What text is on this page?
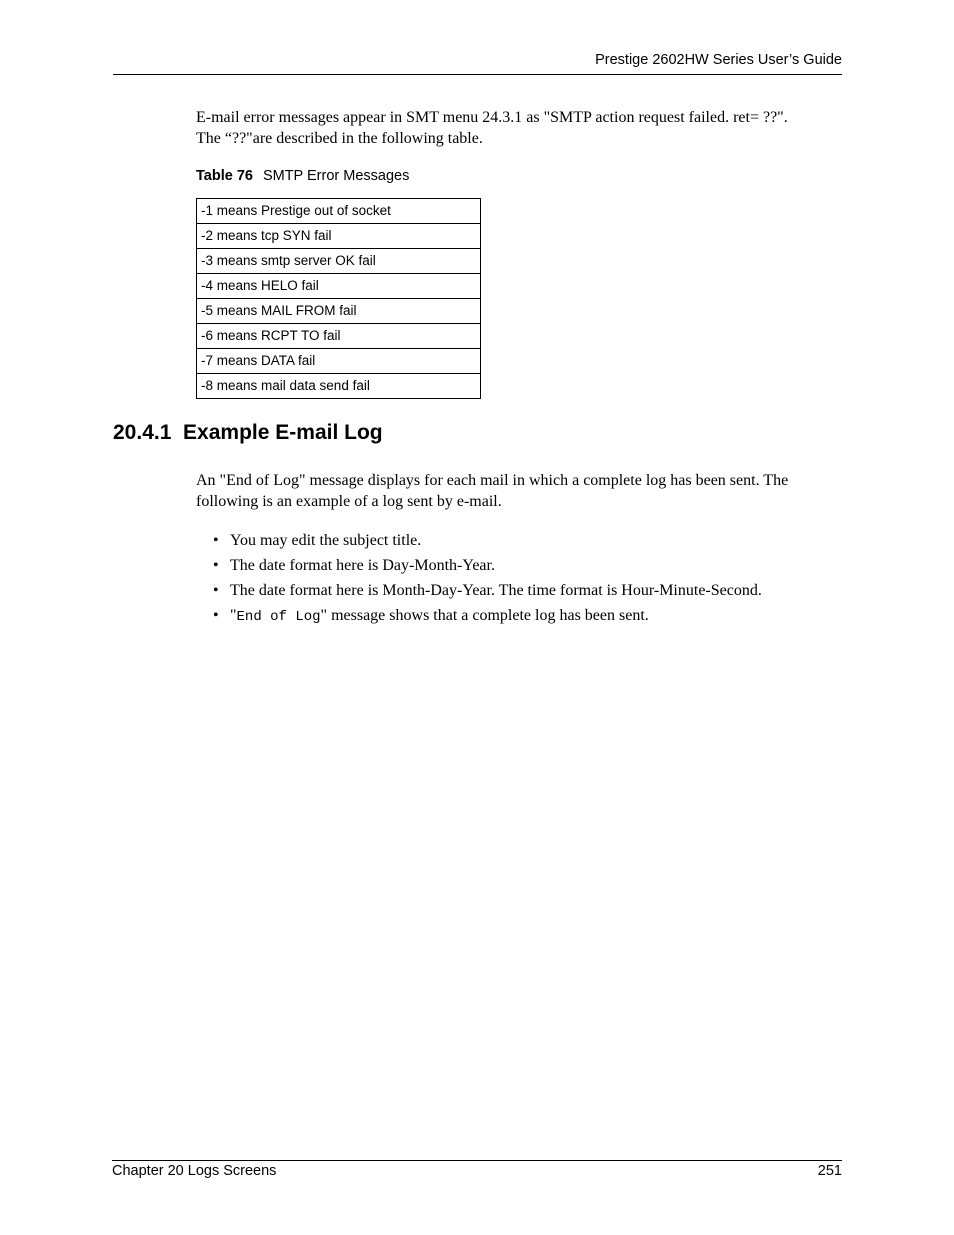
Prestige 2602HW Series User’s Guide

E-mail error messages appear in SMT menu 24.3.1 as "SMTP action request failed. ret= ??".
The “??"are described in the following table.

Table 76 SMTP Error Messages
-1 means Prestige out of socket
-2 means tcp SYN fail
-3 means smtp server OK fail
-4 means HELO fail
-5 means MAIL FROM fail
-6 means RCPT TO fail
-7 means DATA fail
-8 means mail data send fail
20.4.1  Example E-mail Log

An "End of Log" message displays for each mail in which a complete log has been sent. The
following is an example of a log sent by e-mail.

• You may edit the subject title.
• The date format here is Day-Month-Year.
• The date format here is Month-Day-Year. The time format is Hour-Minute-Second.
• "End of Log" message shows that a complete log has been sent.
Chapter 20 Logs Screens	251
